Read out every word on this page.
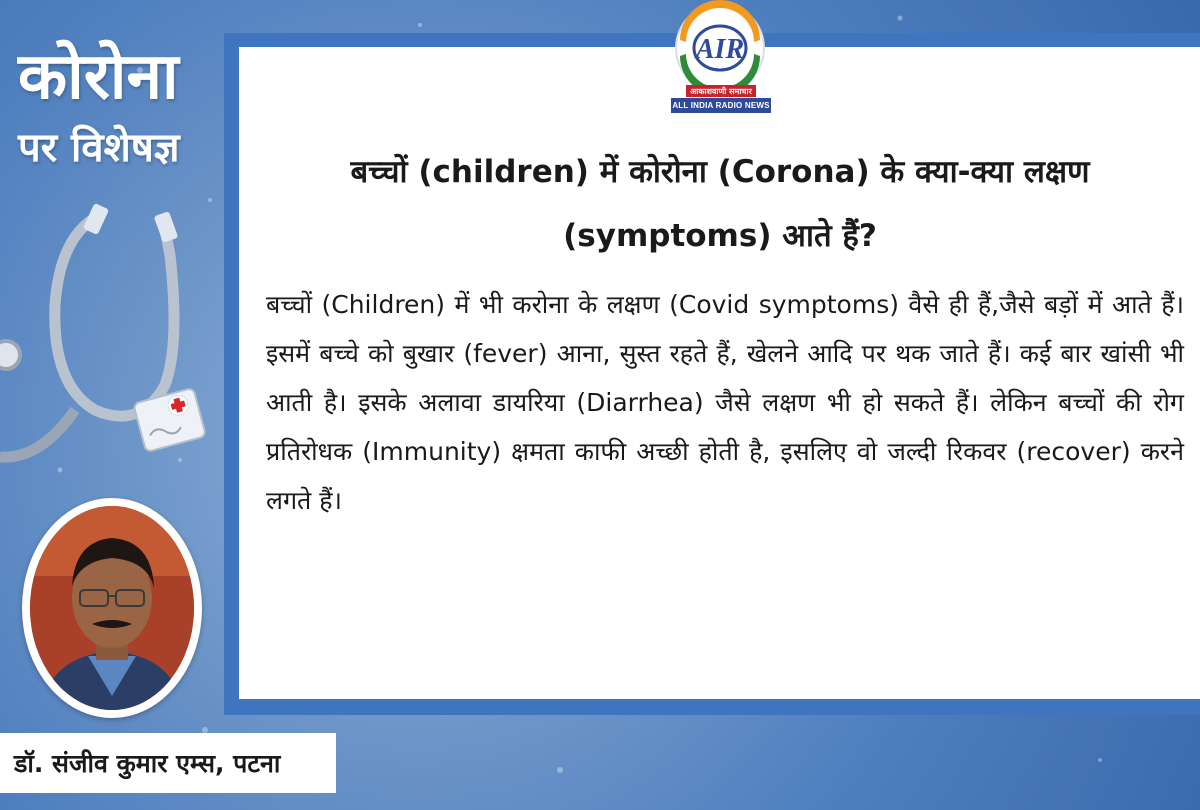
कोरोना
पर विशेषज्ञ
डॉ. संजीव कुमार एम्स, पटना
AIR
आकाशवाणी समाचार
ALL INDIA RADIO NEWS
बच्चों (children) में कोरोना (Corona) के क्या-क्या लक्षण (symptoms) आते हैं?
बच्चों (Children) में भी करोना के लक्षण (Covid symptoms) वैसे ही हैं,जैसे बड़ों में आते हैं। इसमें बच्चे को बुखार (fever) आना, सुस्त रहते हैं, खेलने आदि पर थक जाते हैं। कई बार खांसी भी आती है। इसके अलावा डायरिया (Diarrhea) जैसे लक्षण भी हो सकते हैं। लेकिन बच्चों की रोग प्रतिरोधक (Immunity) क्षमता काफी अच्छी होती है, इसलिए वो जल्दी रिकवर (recover) करने लगते हैं।
